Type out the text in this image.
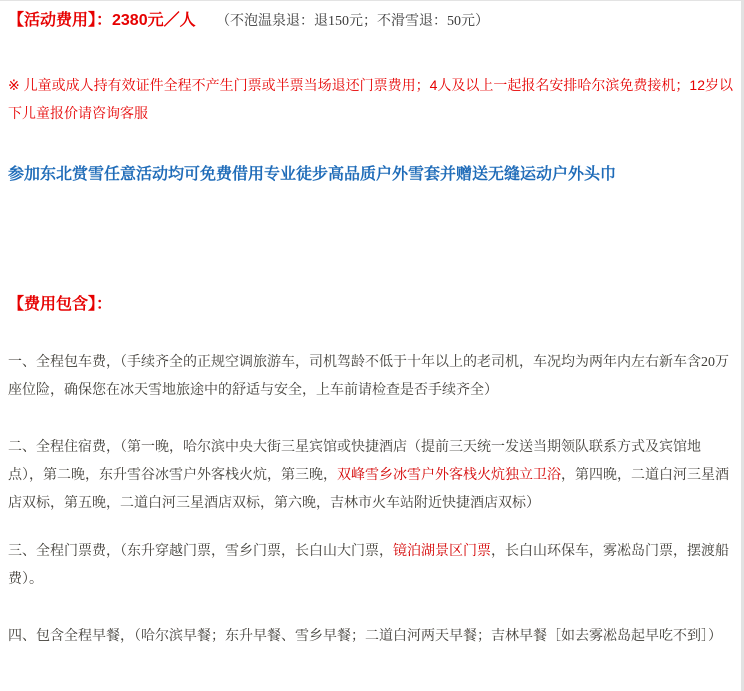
【活动费用】：2380元／人 （不泡温泉退：退150元；不滑雪退：50元）

※ 儿童或成人持有效证件全程不产生门票或半票当场退还门票费用；4人及以上一起报名安排哈尔滨免费接机；12岁以下儿童报价请咨询客服

参加东北赏雪任意活动均可免费借用专业徒步高品质户外雪套并赠送无缝运动户外头巾

【费用包含】：

一、全程包车费，（手续齐全的正规空调旅游车，司机驾龄不低于十年以上的老司机，车况均为两年内左右新车含20万座位险，确保您在冰天雪地旅途中的舒适与安全，上车前请检查是否手续齐全）

二、全程住宿费，（第一晚，哈尔滨中央大街三星宾馆或快捷酒店（提前三天统一发送当期领队联系方式及宾馆地点），第二晚，东升雪谷冰雪户外客栈火炕，第三晚，双峰雪乡冰雪户外客栈火炕独立卫浴，第四晚，二道白河三星酒店双标，第五晚，二道白河三星酒店双标，第六晚，吉林市火车站附近快捷酒店双标）

三、全程门票费，（东升穿越门票，雪乡门票，长白山大门票，镜泊湖景区门票，长白山环保车，雾凇岛门票，摆渡船费）。

四、包含全程早餐，（哈尔滨早餐；东升早餐、雪乡早餐；二道白河两天早餐；吉林早餐［如去雾凇岛起早吃不到］）
